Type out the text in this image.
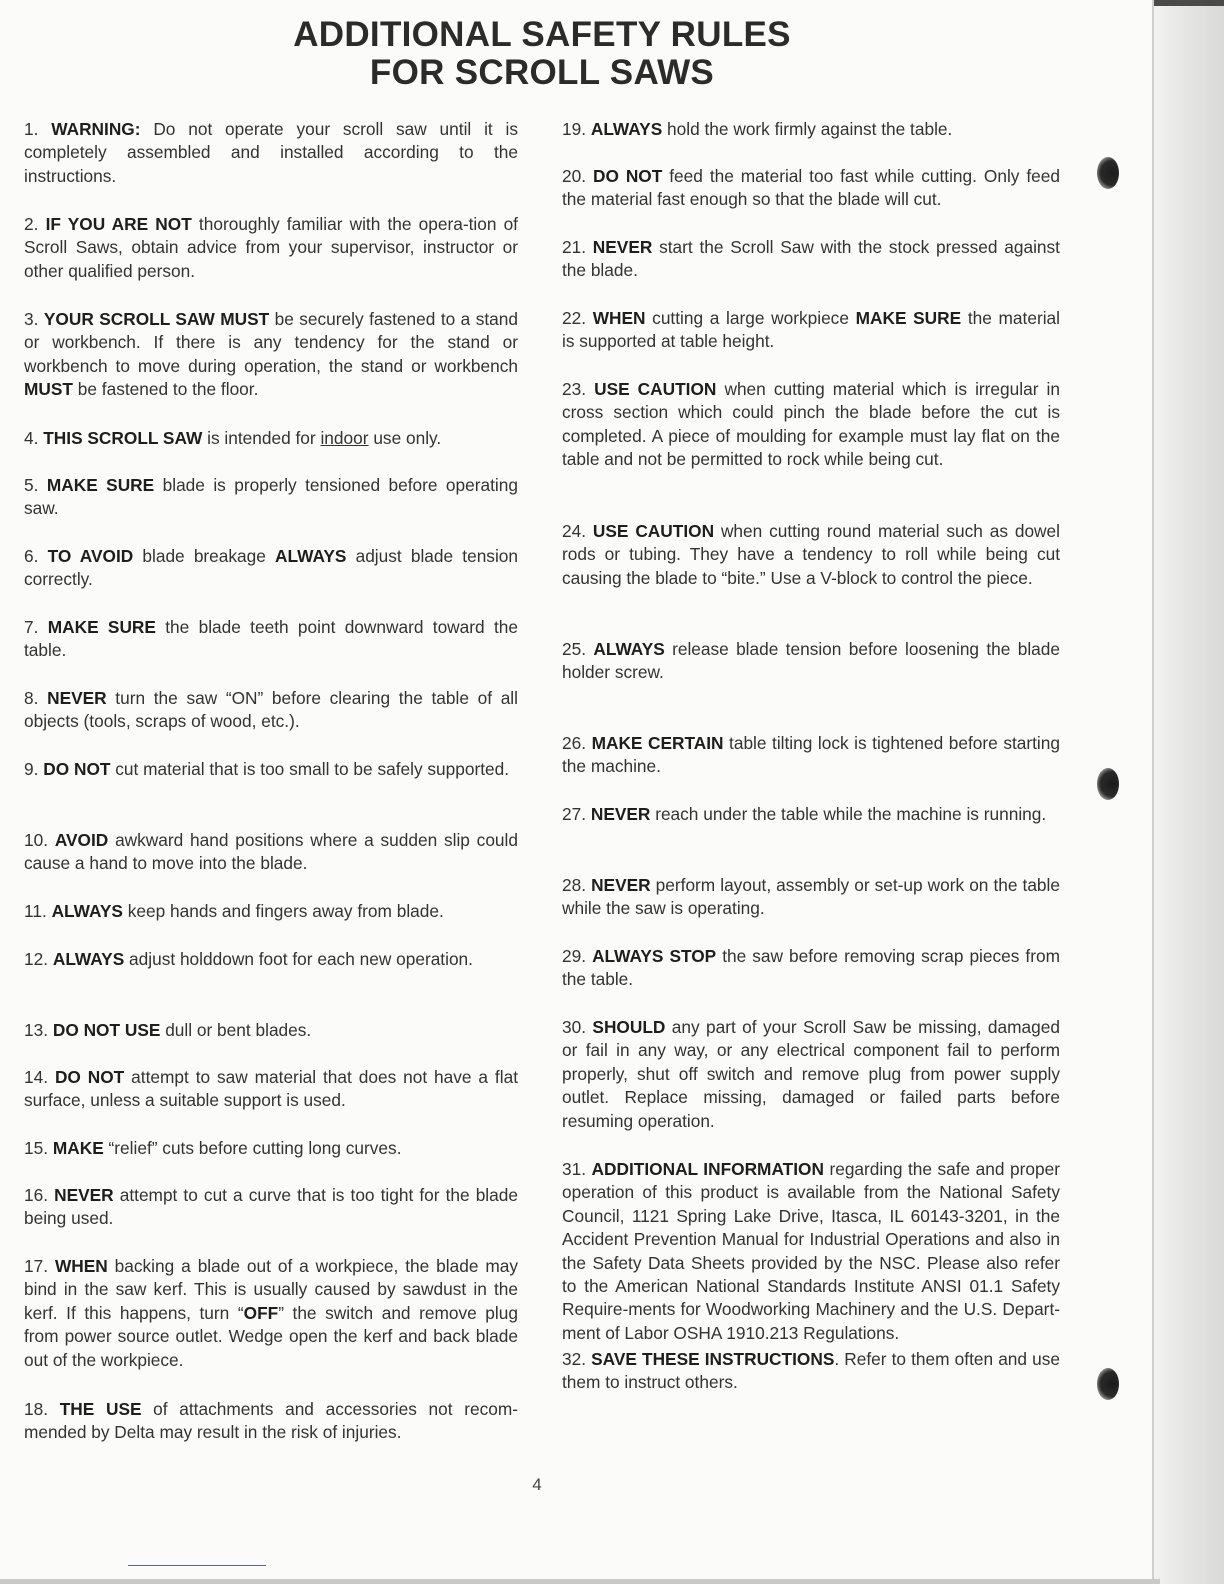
ADDITIONAL SAFETY RULES
FOR SCROLL SAWS

1. WARNING: Do not operate your scroll saw until it is completely assembled and installed according to the instructions.

2. IF YOU ARE NOT thoroughly familiar with the opera-tion of Scroll Saws, obtain advice from your supervisor, instructor or other qualified person.

3. YOUR SCROLL SAW MUST be securely fastened to a stand or workbench. If there is any tendency for the stand or workbench to move during operation, the stand or workbench MUST be fastened to the floor.

4. THIS SCROLL SAW is intended for indoor use only.

5. MAKE SURE blade is properly tensioned before operating saw.

6. TO AVOID blade breakage ALWAYS adjust blade tension correctly.

7. MAKE SURE the blade teeth point downward toward the table.

8. NEVER turn the saw “ON” before clearing the table of all objects (tools, scraps of wood, etc.).

9. DO NOT cut material that is too small to be safely supported.

10. AVOID awkward hand positions where a sudden slip could cause a hand to move into the blade.

11. ALWAYS keep hands and fingers away from blade.

12. ALWAYS adjust holddown foot for each new operation.

13. DO NOT USE dull or bent blades.

14. DO NOT attempt to saw material that does not have a flat surface, unless a suitable support is used.

15. MAKE “relief” cuts before cutting long curves.

16. NEVER attempt to cut a curve that is too tight for the blade being used.

17. WHEN backing a blade out of a workpiece, the blade may bind in the saw kerf. This is usually caused by sawdust in the kerf. If this happens, turn “OFF” the switch and remove plug from power source outlet. Wedge open the kerf and back blade out of the workpiece.

18. THE USE of attachments and accessories not recom-mended by Delta may result in the risk of injuries.

19. ALWAYS hold the work firmly against the table.

20. DO NOT feed the material too fast while cutting. Only feed the material fast enough so that the blade will cut.

21. NEVER start the Scroll Saw with the stock pressed against the blade.

22. WHEN cutting a large workpiece MAKE SURE the material is supported at table height.

23. USE CAUTION when cutting material which is irregular in cross section which could pinch the blade before the cut is completed. A piece of moulding for example must lay flat on the table and not be permitted to rock while being cut.

24. USE CAUTION when cutting round material such as dowel rods or tubing. They have a tendency to roll while being cut causing the blade to “bite.” Use a V-block to control the piece.

25. ALWAYS release blade tension before loosening the blade holder screw.

26. MAKE CERTAIN table tilting lock is tightened before starting the machine.

27. NEVER reach under the table while the machine is running.

28. NEVER perform layout, assembly or set-up work on the table while the saw is operating.

29. ALWAYS STOP the saw before removing scrap pieces from the table.

30. SHOULD any part of your Scroll Saw be missing, damaged or fail in any way, or any electrical component fail to perform properly, shut off switch and remove plug from power supply outlet. Replace missing, damaged or failed parts before resuming operation.

31. ADDITIONAL INFORMATION regarding the safe and proper operation of this product is available from the National Safety Council, 1121 Spring Lake Drive, Itasca, IL 60143-3201, in the Accident Prevention Manual for Industrial Operations and also in the Safety Data Sheets provided by the NSC. Please also refer to the American National Standards Institute ANSI 01.1 Safety Require-ments for Woodworking Machinery and the U.S. Depart-ment of Labor OSHA 1910.213 Regulations.

32. SAVE THESE INSTRUCTIONS. Refer to them often and use them to instruct others.

4
